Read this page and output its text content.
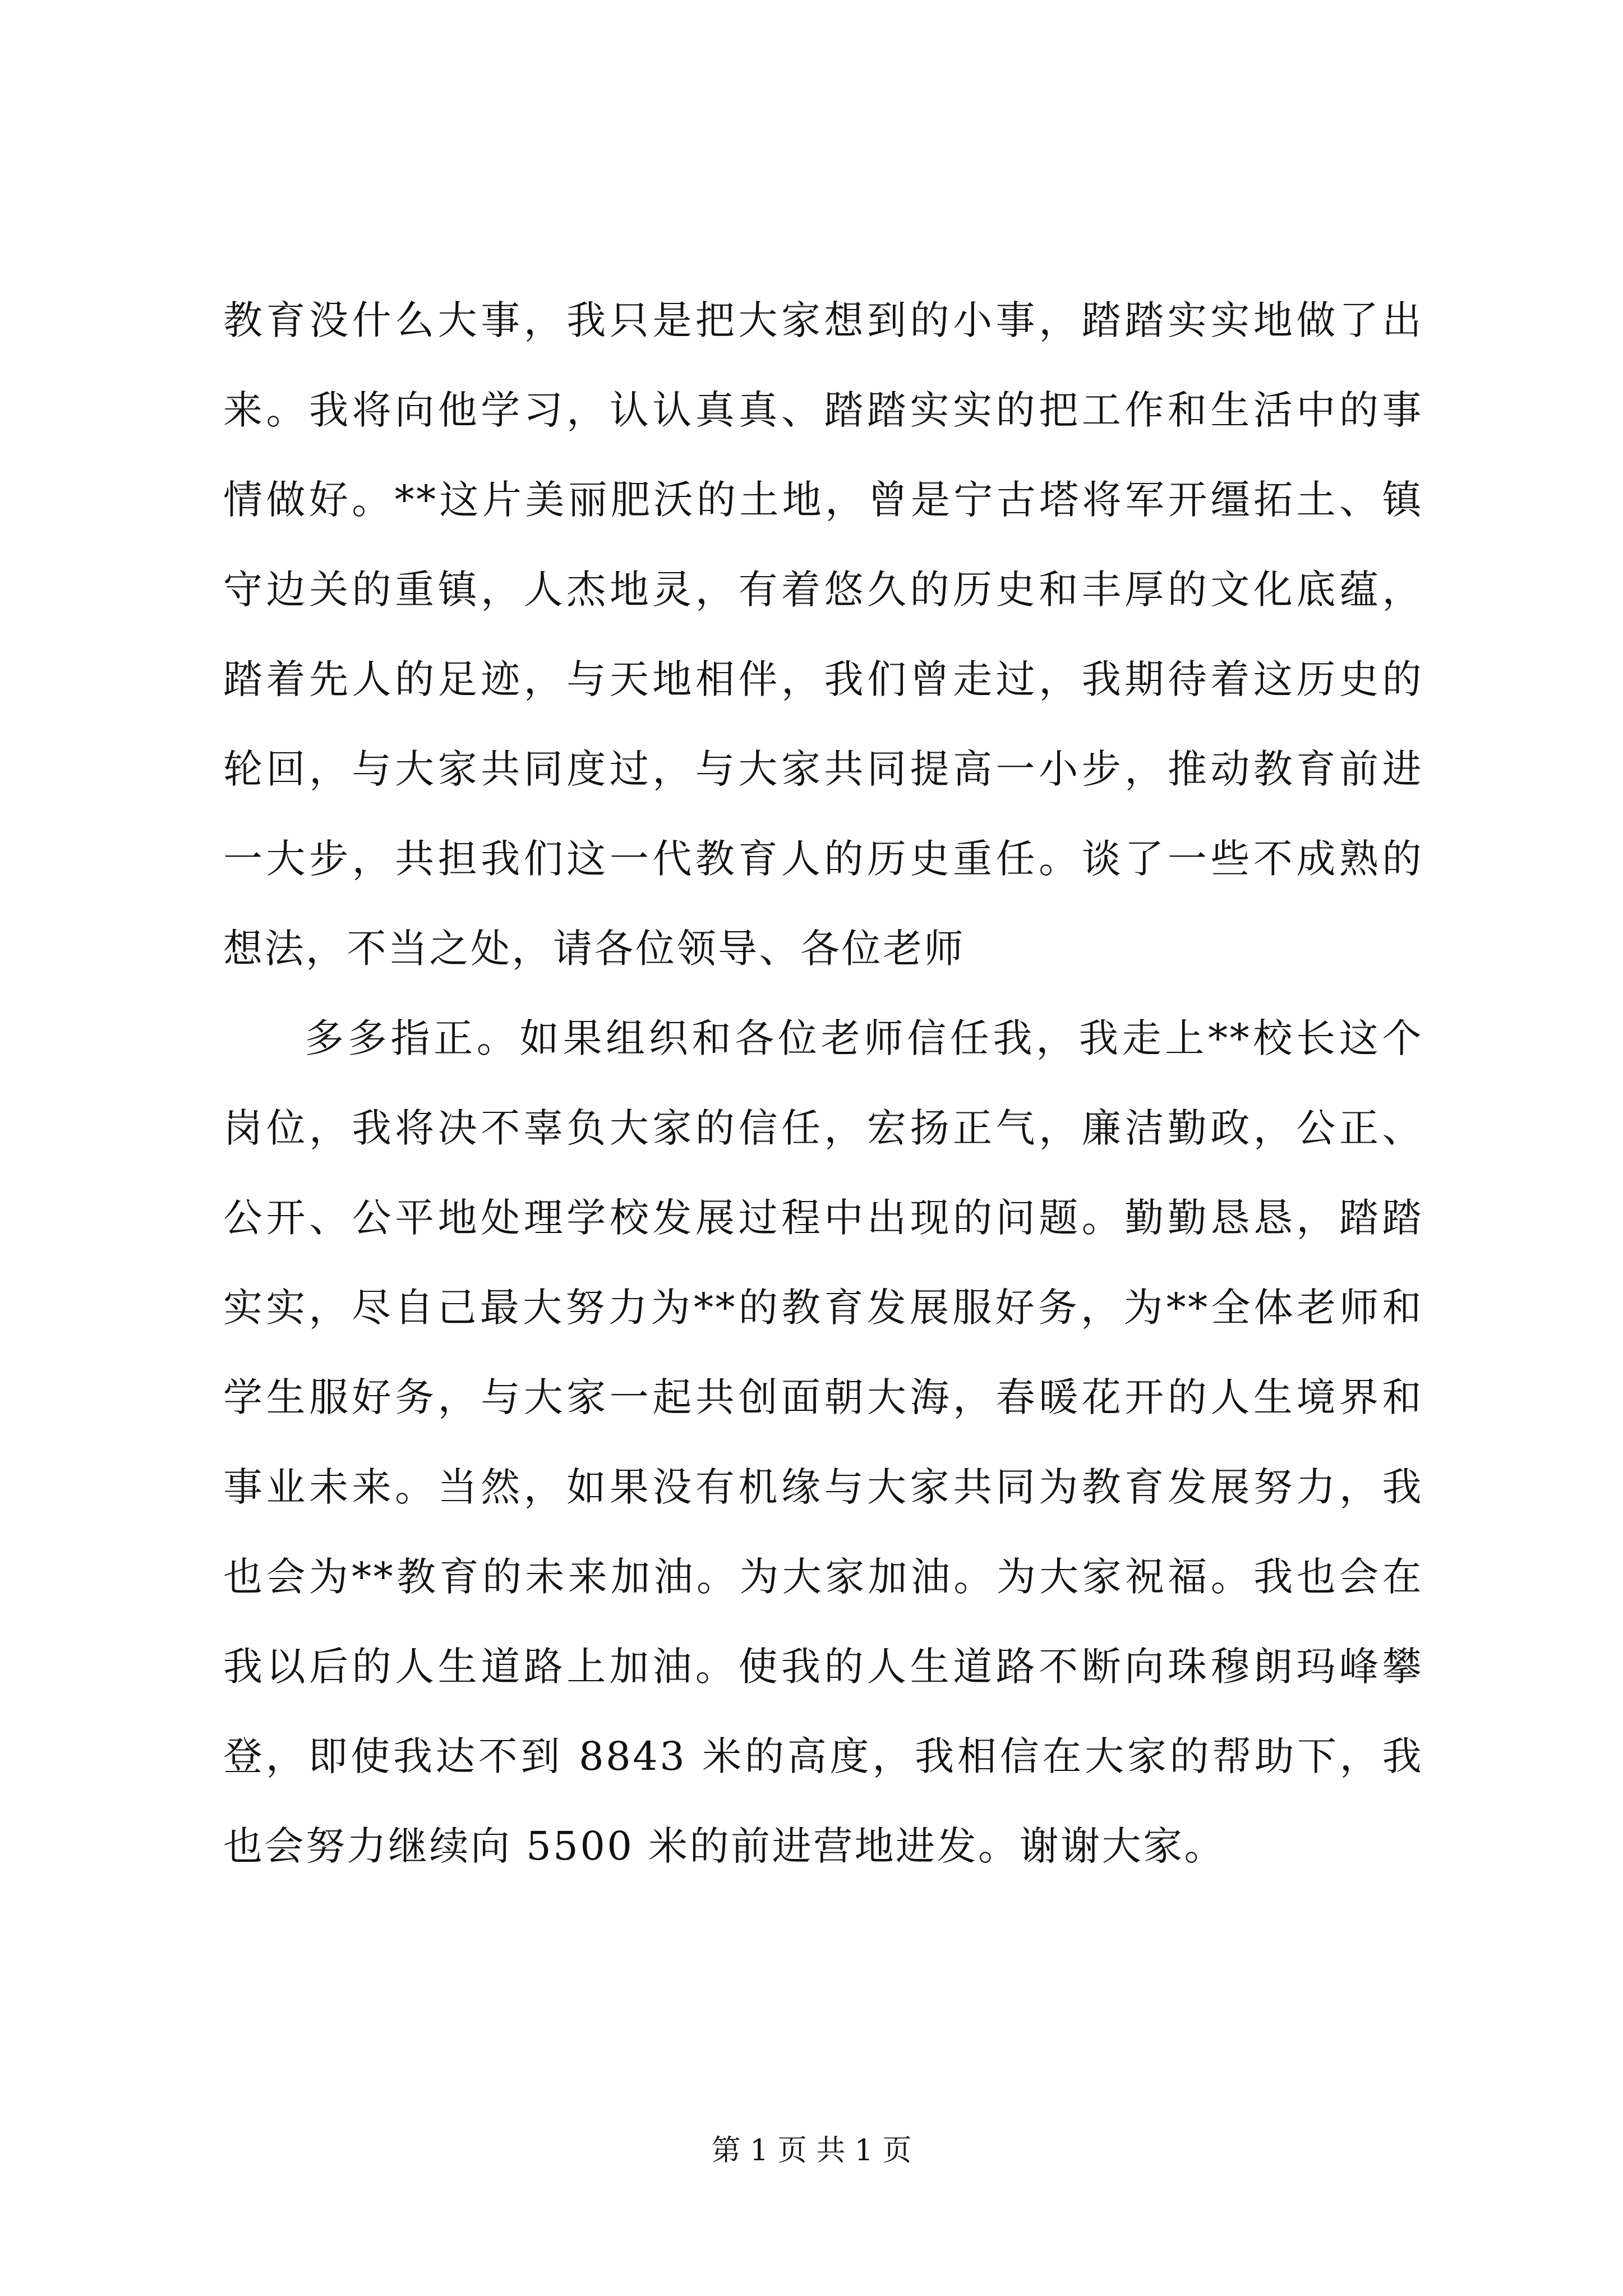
教育没什么大事，我只是把大家想到的小事，踏踏实实地做了出
来。我将向他学习，认认真真、踏踏实实的把工作和生活中的事
情做好。**这片美丽肥沃的土地，曾是宁古塔将军开缰拓土、镇
守边关的重镇，人杰地灵，有着悠久的历史和丰厚的文化底蕴，
踏着先人的足迹，与天地相伴，我们曾走过，我期待着这历史的
轮回，与大家共同度过，与大家共同提高一小步，推动教育前进
一大步，共担我们这一代教育人的历史重任。谈了一些不成熟的
想法，不当之处，请各位领导、各位老师
多多指正。如果组织和各位老师信任我，我走上**校长这个
岗位，我将决不辜负大家的信任，宏扬正气，廉洁勤政，公正、
公开、公平地处理学校发展过程中出现的问题。勤勤恳恳，踏踏
实实，尽自己最大努力为**的教育发展服好务，为**全体老师和
学生服好务，与大家一起共创面朝大海，春暖花开的人生境界和
事业未来。当然，如果没有机缘与大家共同为教育发展努力，我
也会为**教育的未来加油。为大家加油。为大家祝福。我也会在
我以后的人生道路上加油。使我的人生道路不断向珠穆朗玛峰攀
登，即使我达不到 8843 米的高度，我相信在大家的帮助下，我
也会努力继续向 5500 米的前进营地进发。谢谢大家。
第 1 页 共 1 页
